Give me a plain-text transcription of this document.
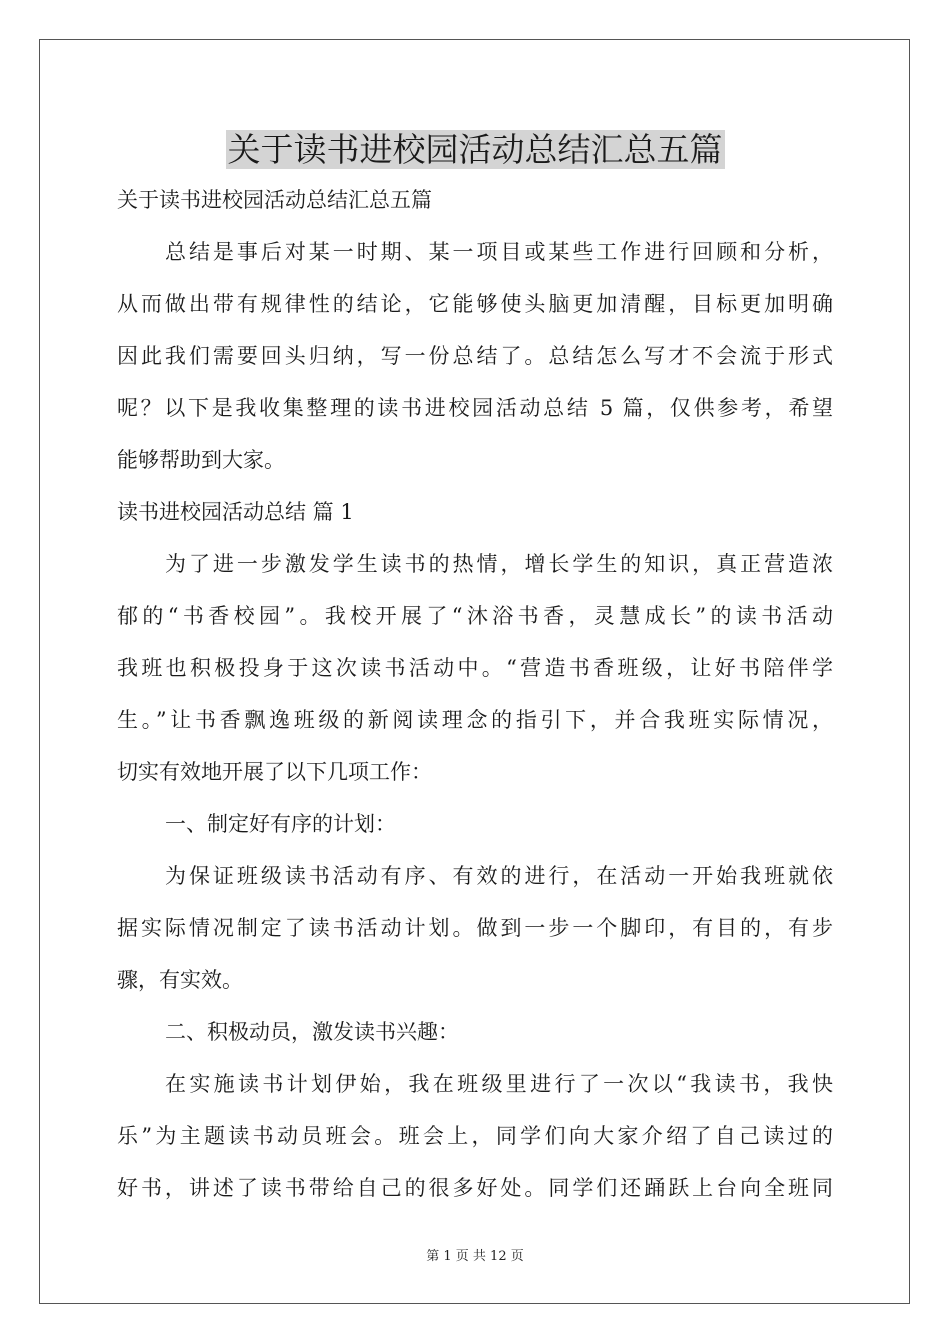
关于读书进校园活动总结汇总五篇

关于读书进校园活动总结汇总五篇

总结是事后对某一时期、某一项目或某些工作进行回顾和分析，

从而做出带有规律性的结论，它能够使头脑更加清醒，目标更加明确

因此我们需要回头归纳，写一份总结了。总结怎么写才不会流于形式

呢？以下是我收集整理的读书进校园活动总结 5 篇，仅供参考，希望

能够帮助到大家。

读书进校园活动总结 篇 1

为了进一步激发学生读书的热情，增长学生的知识，真正营造浓

郁的“书香校园”。我校开展了“沐浴书香，灵慧成长”的读书活动

我班也积极投身于这次读书活动中。“营造书香班级，让好书陪伴学

生。”让书香飘逸班级的新阅读理念的指引下，并合我班实际情况，

切实有效地开展了以下几项工作：

一、制定好有序的计划：

为保证班级读书活动有序、有效的进行，在活动一开始我班就依

据实际情况制定了读书活动计划。做到一步一个脚印，有目的，有步

骤，有实效。

二、积极动员，激发读书兴趣：

在实施读书计划伊始，我在班级里进行了一次以“我读书，我快

乐”为主题读书动员班会。班会上，同学们向大家介绍了自己读过的

好书，讲述了读书带给自己的很多好处。同学们还踊跃上台向全班同

第 1 页 共 12 页
